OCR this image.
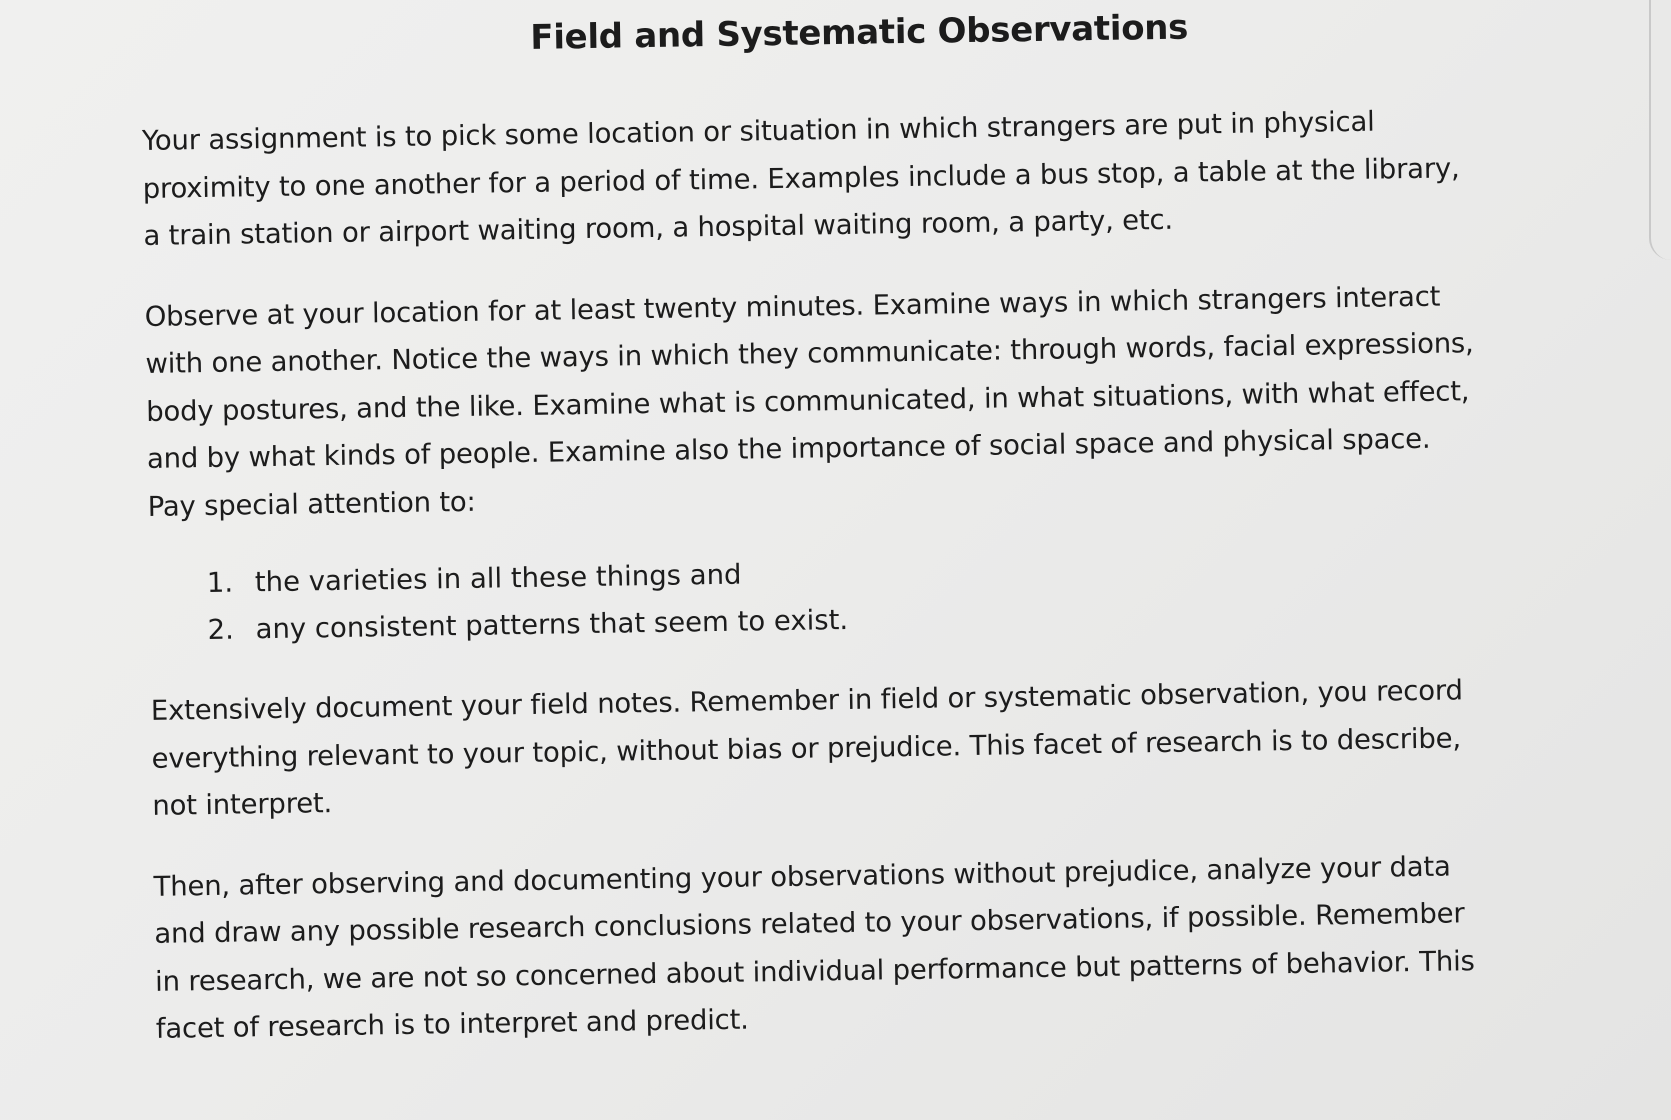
Field and Systematic Observations

Your assignment is to pick some location or situation in which strangers are put in physical proximity to one another for a period of time. Examples include a bus stop, a table at the library, a train station or airport waiting room, a hospital waiting room, a party, etc.

Observe at your location for at least twenty minutes. Examine ways in which strangers interact with one another. Notice the ways in which they communicate: through words, facial expressions, body postures, and the like. Examine what is communicated, in what situations, with what effect, and by what kinds of people. Examine also the importance of social space and physical space. Pay special attention to:

1. the varieties in all these things and
2. any consistent patterns that seem to exist.

Extensively document your field notes. Remember in field or systematic observation, you record everything relevant to your topic, without bias or prejudice. This facet of research is to describe, not interpret.

Then, after observing and documenting your observations without prejudice, analyze your data and draw any possible research conclusions related to your observations, if possible. Remember in research, we are not so concerned about individual performance but patterns of behavior. This facet of research is to interpret and predict.
